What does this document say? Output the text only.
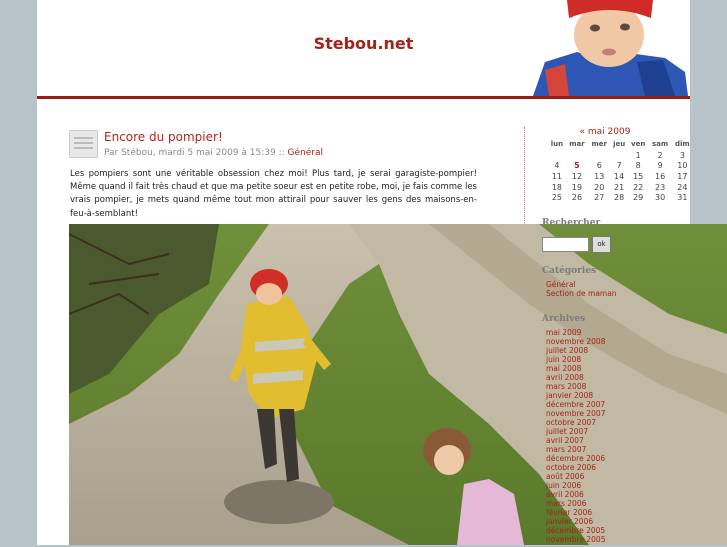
Stebou.net
Encore du pompier!
Par Stébou, mardi 5 mai 2009 à 15:39 :: Général
Les pompiers sont une véritable obsession chez moi! Plus tard, je serai garagiste-pompier! Même quand il fait très chaud et que ma petite soeur est en petite robe, moi, je fais comme les vrais pompier, je mets quand même tout mon attirail pour sauver les gens des maisons-en-feu-à-semblant!
« mai 2009
lun	mar	mer	jeu	ven	sam	dim
				1	2	3
4	5	6	7	8	9	10
11	12	13	14	15	16	17
18	19	20	21	22	23	24
25	26	27	28	29	30	31
Rechercher
ok
Catégories
Général
Section de maman
Archives
mai 2009
novembre 2008
juillet 2008
juin 2008
mai 2008
avril 2008
mars 2008
janvier 2008
décembre 2007
novembre 2007
octobre 2007
juillet 2007
avril 2007
mars 2007
décembre 2006
octobre 2006
août 2006
juin 2006
avril 2006
mars 2006
février 2006
janvier 2006
décembre 2005
novembre 2005
